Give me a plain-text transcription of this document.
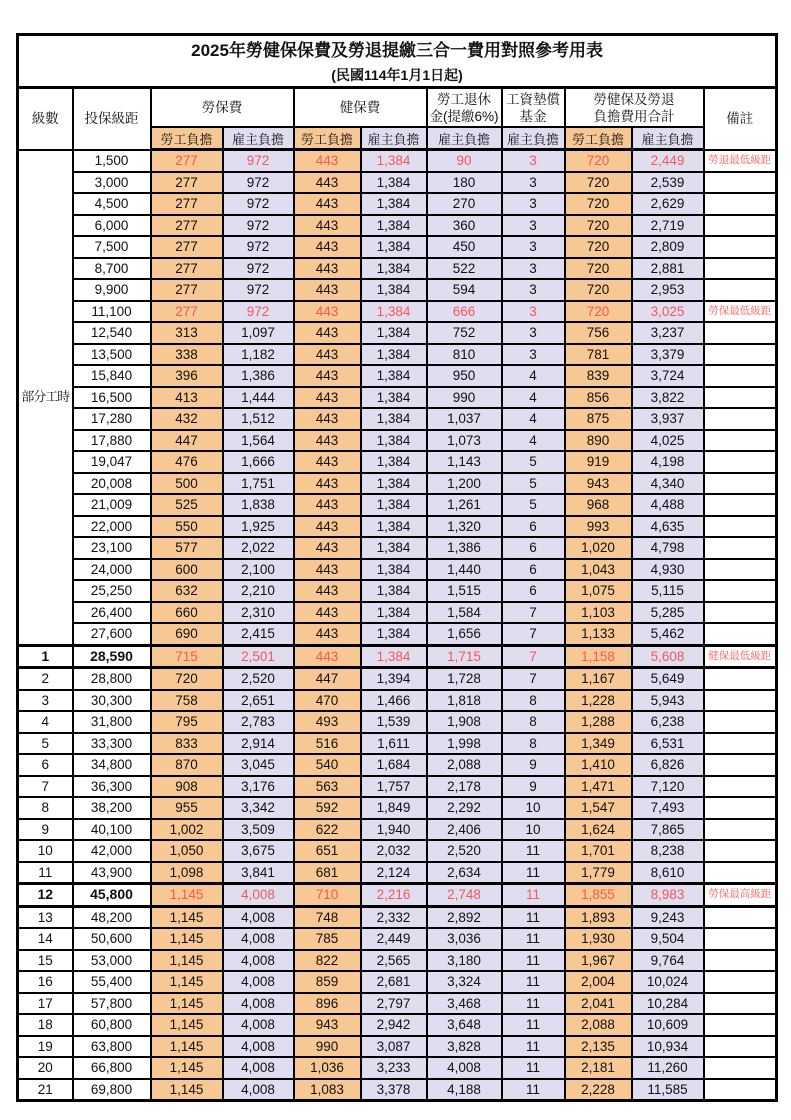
2025年勞健保保費及勞退提繳三合一費用對照參考用表
(民國114年1月1日起)										

級數	投保級距	勞保費		健保費		勞工退休
金(提繳6%)	工資墊償
基金	勞健保及勞退
負擔費用合計		備註
		勞工負擔	雇主負擔	勞工負擔	雇主負擔	雇主負擔	雇主負擔	勞工負擔	雇主負擔	
部分工時	1,500	277	972	443	1,384	90	3	720	2,449	勞退最低級距
	3,000	277	972	443	1,384	180	3	720	2,539	
	4,500	277	972	443	1,384	270	3	720	2,629	
	6,000	277	972	443	1,384	360	3	720	2,719	
	7,500	277	972	443	1,384	450	3	720	2,809	
	8,700	277	972	443	1,384	522	3	720	2,881	
	9,900	277	972	443	1,384	594	3	720	2,953	
	11,100	277	972	443	1,384	666	3	720	3,025	勞保最低級距
	12,540	313	1,097	443	1,384	752	3	756	3,237	
	13,500	338	1,182	443	1,384	810	3	781	3,379	
	15,840	396	1,386	443	1,384	950	4	839	3,724	
	16,500	413	1,444	443	1,384	990	4	856	3,822	
	17,280	432	1,512	443	1,384	1,037	4	875	3,937	
	17,880	447	1,564	443	1,384	1,073	4	890	4,025	
	19,047	476	1,666	443	1,384	1,143	5	919	4,198	
	20,008	500	1,751	443	1,384	1,200	5	943	4,340	
	21,009	525	1,838	443	1,384	1,261	5	968	4,488	
	22,000	550	1,925	443	1,384	1,320	6	993	4,635	
	23,100	577	2,022	443	1,384	1,386	6	1,020	4,798	
	24,000	600	2,100	443	1,384	1,440	6	1,043	4,930	
	25,250	632	2,210	443	1,384	1,515	6	1,075	5,115	
	26,400	660	2,310	443	1,384	1,584	7	1,103	5,285	
	27,600	690	2,415	443	1,384	1,656	7	1,133	5,462	
1	28,590	715	2,501	443	1,384	1,715	7	1,158	5,608	健保最低級距
2	28,800	720	2,520	447	1,394	1,728	7	1,167	5,649	
3	30,300	758	2,651	470	1,466	1,818	8	1,228	5,943	
4	31,800	795	2,783	493	1,539	1,908	8	1,288	6,238	
5	33,300	833	2,914	516	1,611	1,998	8	1,349	6,531	
6	34,800	870	3,045	540	1,684	2,088	9	1,410	6,826	
7	36,300	908	3,176	563	1,757	2,178	9	1,471	7,120	
8	38,200	955	3,342	592	1,849	2,292	10	1,547	7,493	
9	40,100	1,002	3,509	622	1,940	2,406	10	1,624	7,865	
10	42,000	1,050	3,675	651	2,032	2,520	11	1,701	8,238	
11	43,900	1,098	3,841	681	2,124	2,634	11	1,779	8,610	
12	45,800	1,145	4,008	710	2,216	2,748	11	1,855	8,983	勞保最高級距
13	48,200	1,145	4,008	748	2,332	2,892	11	1,893	9,243	
14	50,600	1,145	4,008	785	2,449	3,036	11	1,930	9,504	
15	53,000	1,145	4,008	822	2,565	3,180	11	1,967	9,764	
16	55,400	1,145	4,008	859	2,681	3,324	11	2,004	10,024	
17	57,800	1,145	4,008	896	2,797	3,468	11	2,041	10,284	
18	60,800	1,145	4,008	943	2,942	3,648	11	2,088	10,609	
19	63,800	1,145	4,008	990	3,087	3,828	11	2,135	10,934	
20	66,800	1,145	4,008	1,036	3,233	4,008	11	2,181	11,260	
21	69,800	1,145	4,008	1,083	3,378	4,188	11	2,228	11,585	
